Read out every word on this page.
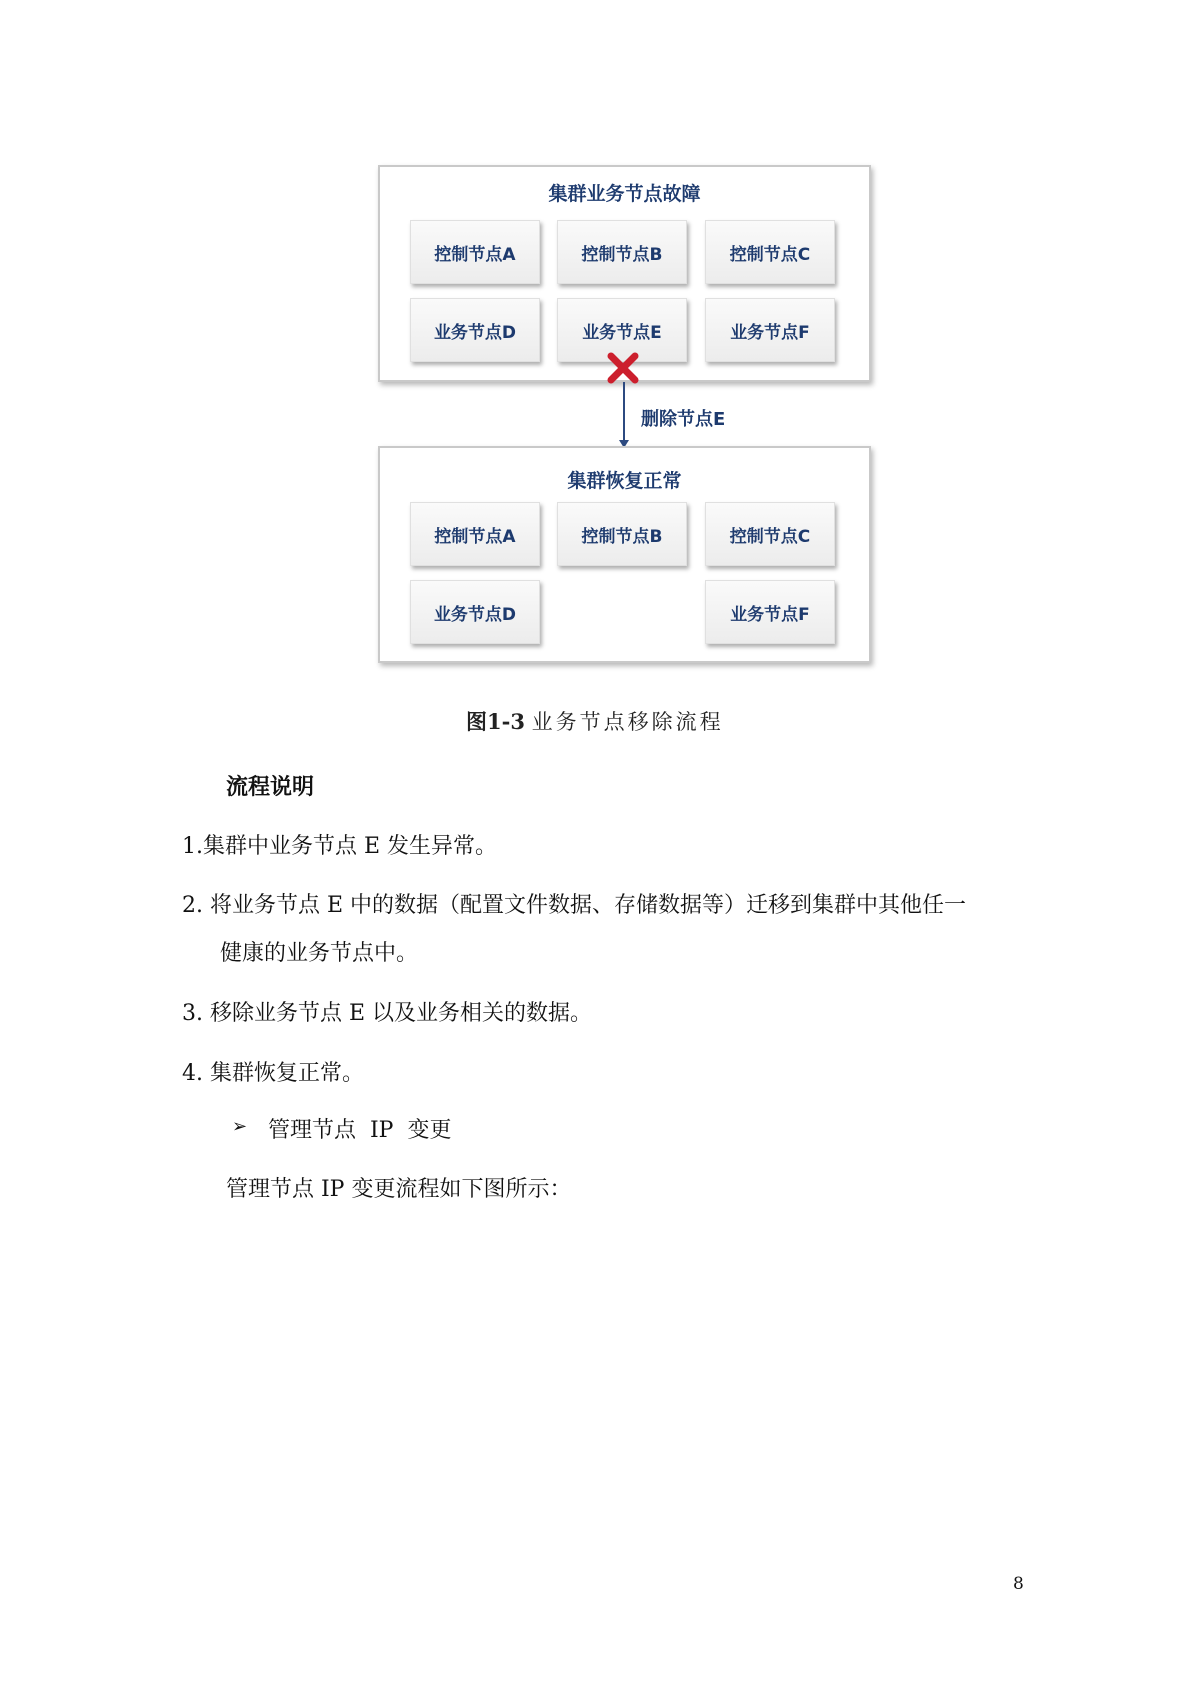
集群业务节点故障
控制节点A	控制节点B	控制节点C
业务节点D	业务节点E	业务节点F
删除节点E
集群恢复正常
控制节点A	控制节点B	控制节点C
业务节点D	业务节点F
图1-3 业务节点移除流程
流程说明
1.集群中业务节点 E 发生异常。
2. 将业务节点 E 中的数据（配置文件数据、存储数据等）迁移到集群中其他任一
健康的业务节点中。
3. 移除业务节点 E 以及业务相关的数据。
4. 集群恢复正常。
➢ 管理节点  IP  变更
管理节点 IP 变更流程如下图所示：
8
